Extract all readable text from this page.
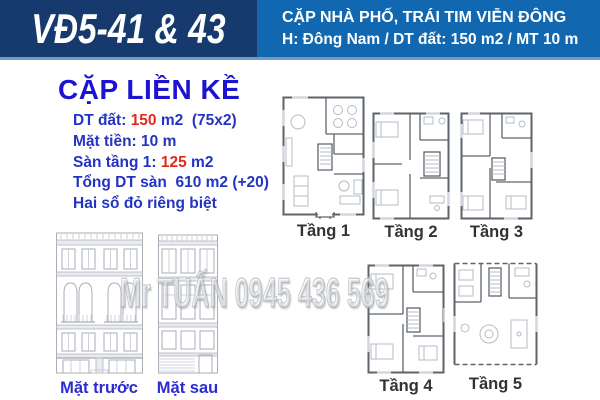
VĐ5-41 & 43	CẶP NHÀ PHỐ, TRÁI TIM VIỄN ĐÔNG
H: Đông Nam / DT đất: 150 m2 / MT 10 m
CẶP LIỀN KỀ
DT đất: 150 m2  (75x2)
Mặt tiền: 10 m
Sàn tầng 1: 125 m2
Tổng DT sàn  610 m2 (+20)
Hai sổ đỏ riêng biệt
Mặt trước Mặt sau
Tầng 1 Tầng 2 Tầng 3
Tầng 4 Tầng 5
Mr TUẤN 0945 436 569
